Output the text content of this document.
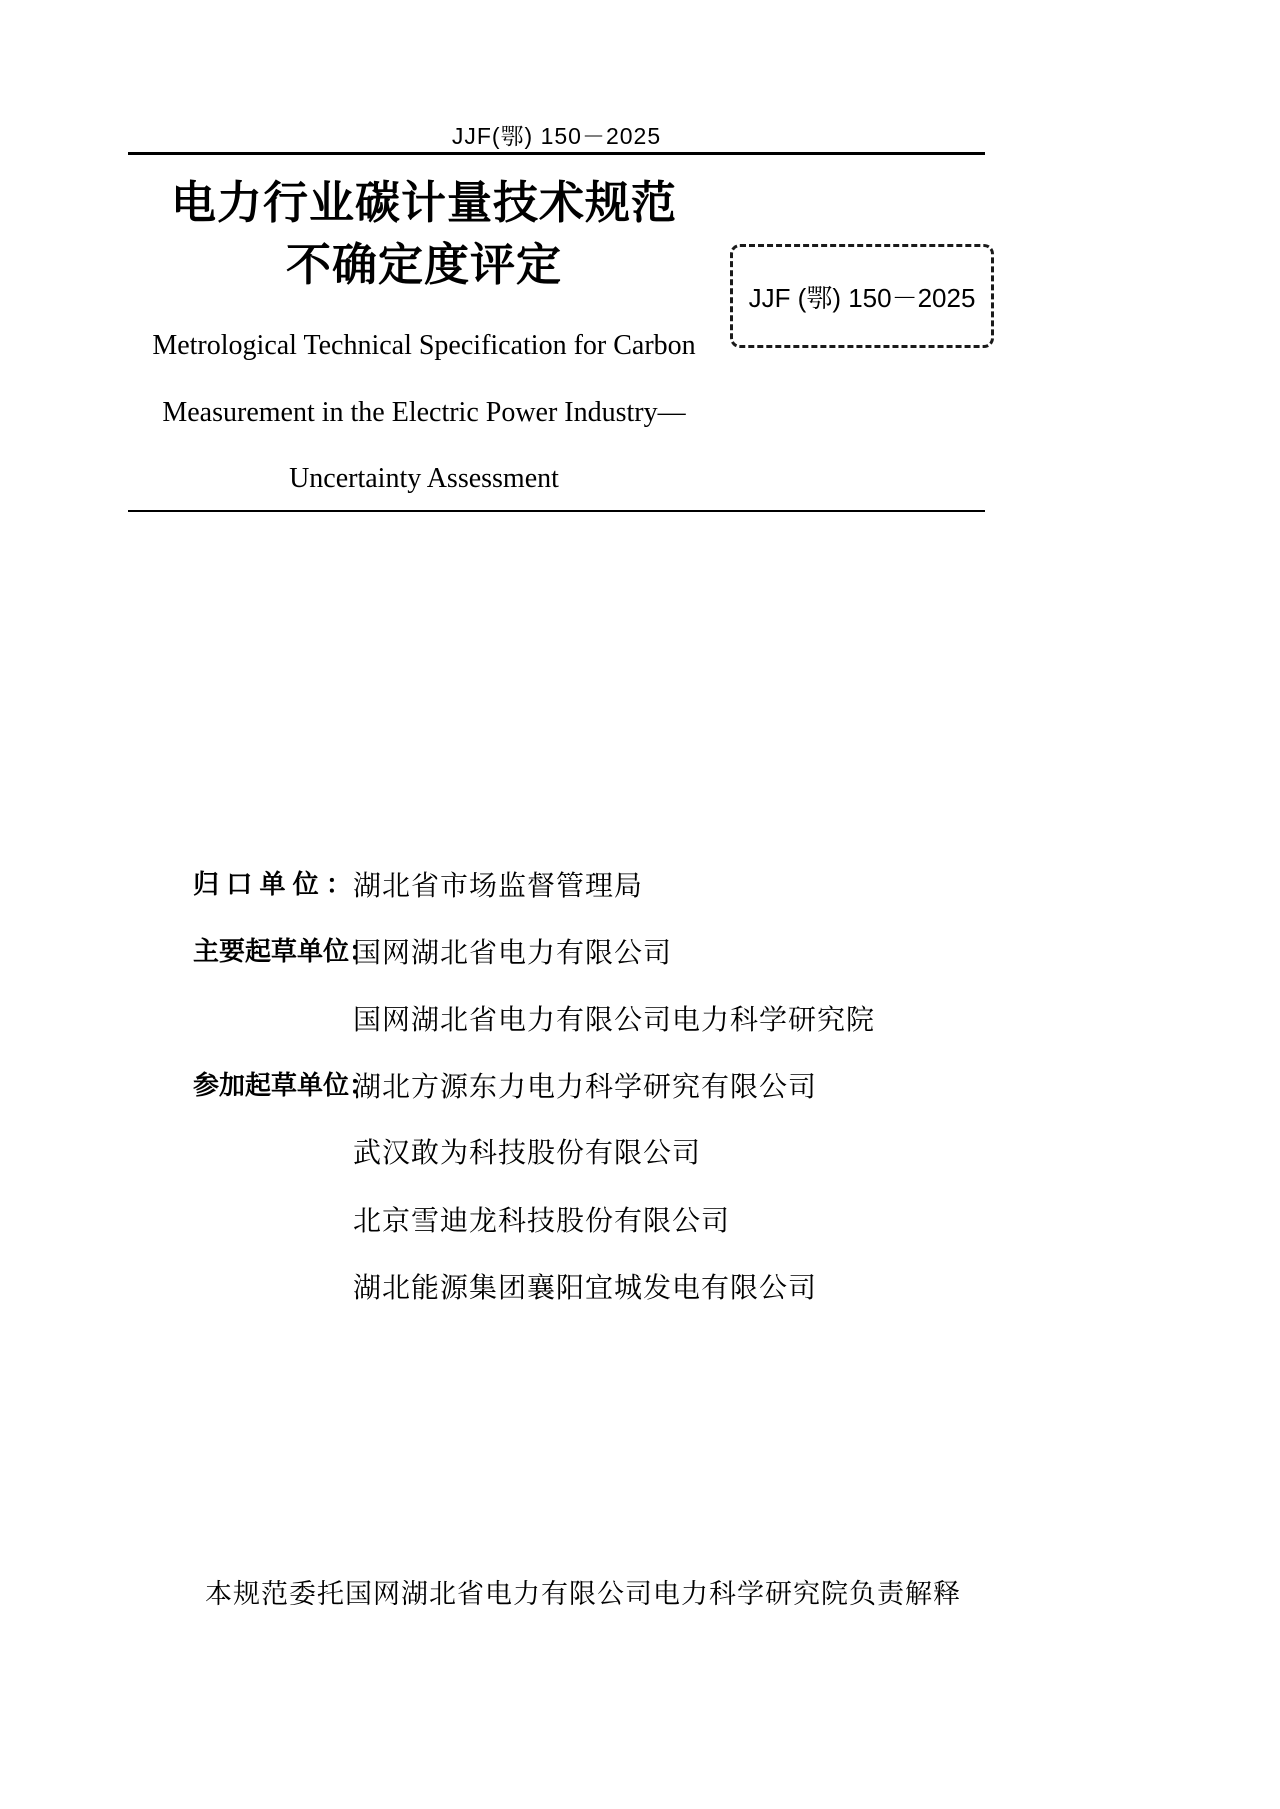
JJF(鄂) 150－2025
电力行业碳计量技术规范
不确定度评定
Metrological Technical Specification for Carbon
Measurement in the Electric Power Industry—
Uncertainty Assessment
JJF (鄂) 150－2025
归 口 单 位 ： 湖北省市场监督管理局
主要起草单位：
国网湖北省电力有限公司
国网湖北省电力有限公司电力科学研究院
参加起草单位：
湖北方源东力电力科学研究有限公司
武汉敢为科技股份有限公司
北京雪迪龙科技股份有限公司
湖北能源集团襄阳宜城发电有限公司
本规范委托国网湖北省电力有限公司电力科学研究院负责解释
